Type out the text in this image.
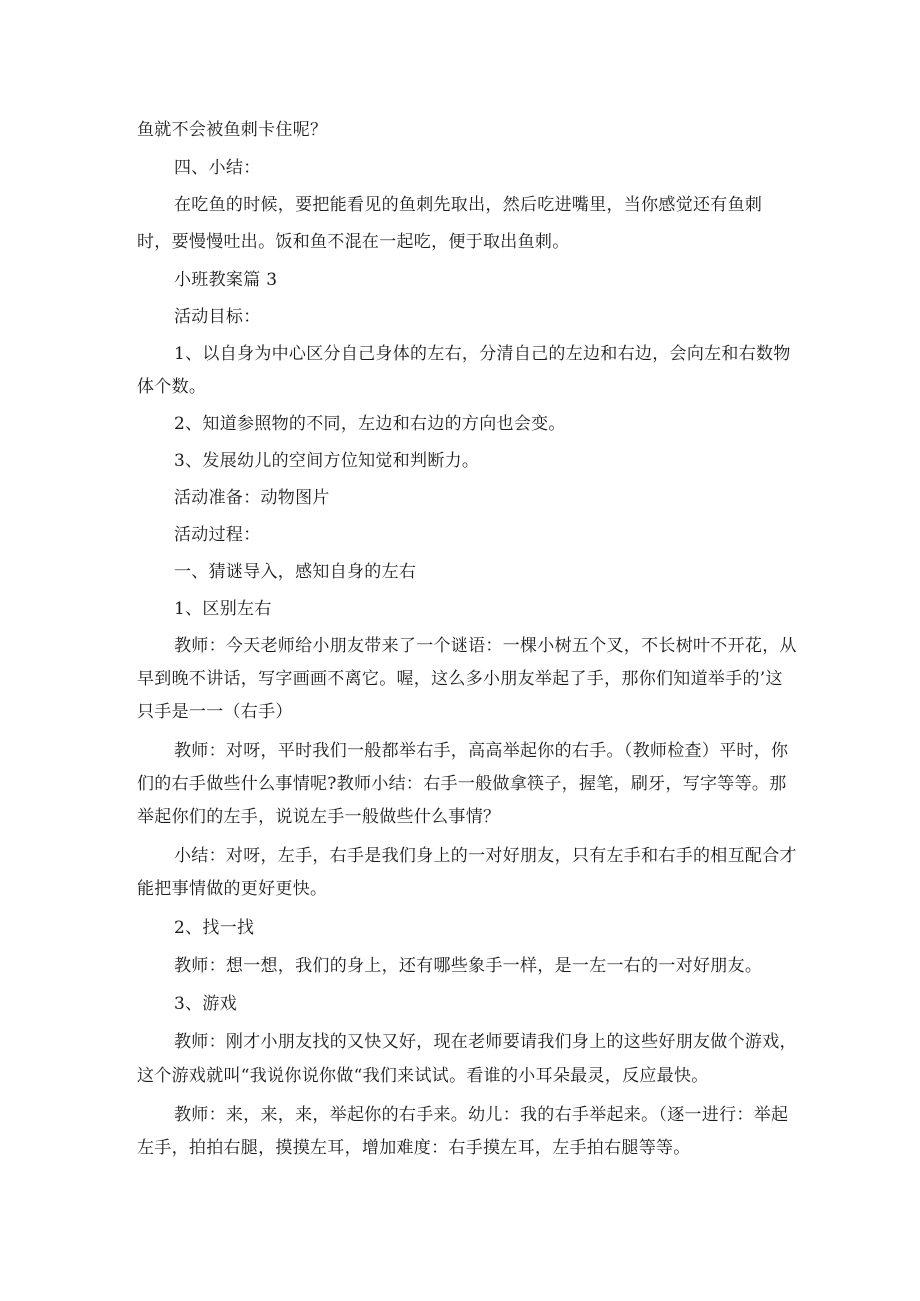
鱼就不会被鱼刺卡住呢？
四、小结：
在吃鱼的时候，要把能看见的鱼刺先取出，然后吃进嘴里，当你感觉还有鱼刺
时，要慢慢吐出。饭和鱼不混在一起吃，便于取出鱼刺。
小班教案篇 3
活动目标：
1、以自身为中心区分自己身体的左右，分清自己的左边和右边，会向左和右数物
体个数。
2、知道参照物的不同，左边和右边的方向也会变。
3、发展幼儿的空间方位知觉和判断力。
活动准备：动物图片
活动过程：
一、猜谜导入，感知自身的左右
1、区别左右
教师：今天老师给小朋友带来了一个谜语：一棵小树五个叉，不长树叶不开花，从
早到晚不讲话，写字画画不离它。喔，这么多小朋友举起了手，那你们知道举手的’这
只手是一一（右手）
教师：对呀，平时我们一般都举右手，高高举起你的右手。（教师检查）平时，你
们的右手做些什么事情呢?教师小结：右手一般做拿筷子，握笔，刷牙，写字等等。那
举起你们的左手，说说左手一般做些什么事情？
小结：对呀，左手，右手是我们身上的一对好朋友，只有左手和右手的相互配合才
能把事情做的更好更快。
2、找一找
教师：想一想，我们的身上，还有哪些象手一样，是一左一右的一对好朋友。
3、游戏
教师：刚才小朋友找的又快又好，现在老师要请我们身上的这些好朋友做个游戏，
这个游戏就叫“我说你说你做“我们来试试。看谁的小耳朵最灵，反应最快。
教师：来，来，来，举起你的右手来。幼儿：我的右手举起来。（逐一进行：举起
左手，拍拍右腿，摸摸左耳，增加难度：右手摸左耳，左手拍右腿等等。
